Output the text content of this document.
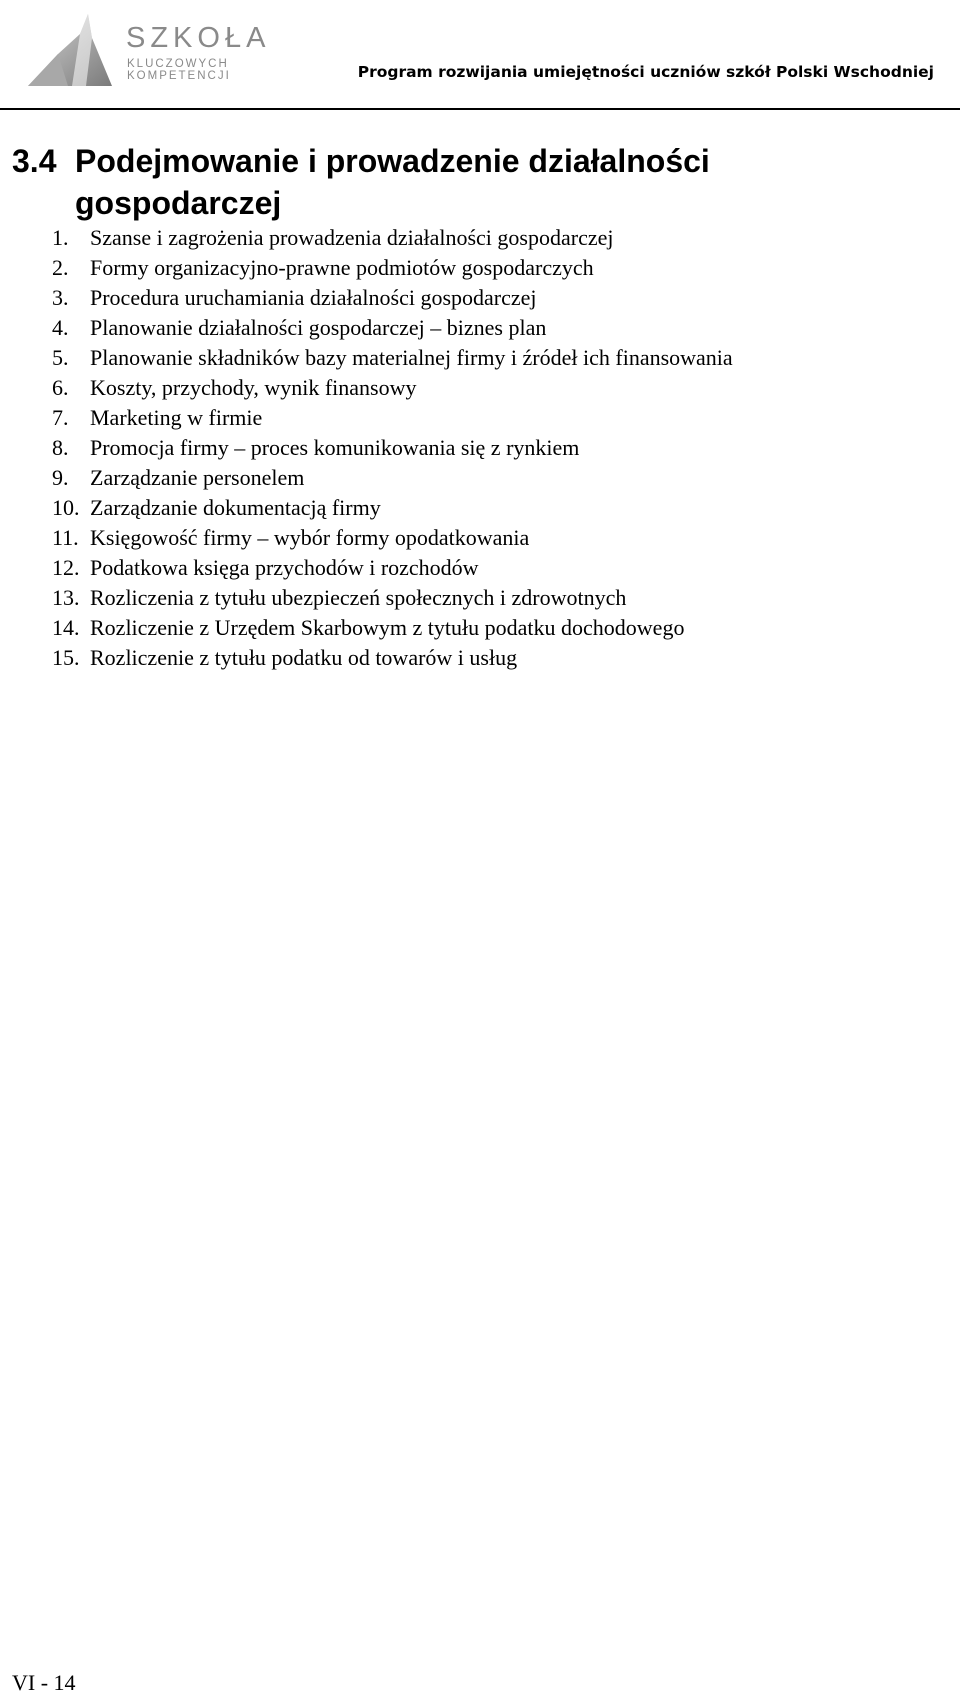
SZKOŁA
KLUCZOWYCH KOMPETENCJI	Program rozwijania umiejętności uczniów szkół Polski Wschodniej
3.4 Podejmowanie i prowadzenie działalności gospodarczej
1. Szanse i zagrożenia prowadzenia działalności gospodarczej
2. Formy organizacyjno-prawne podmiotów gospodarczych
3. Procedura uruchamiania działalności gospodarczej
4. Planowanie działalności gospodarczej – biznes plan
5. Planowanie składników bazy materialnej firmy i źródeł ich finansowania
6. Koszty, przychody, wynik finansowy
7. Marketing w firmie
8. Promocja firmy – proces komunikowania się z rynkiem
9. Zarządzanie personelem
10. Zarządzanie dokumentacją firmy
11. Księgowość firmy – wybór formy opodatkowania
12. Podatkowa księga przychodów i rozchodów
13. Rozliczenia z tytułu ubezpieczeń społecznych i zdrowotnych
14. Rozliczenie z Urzędem Skarbowym z tytułu podatku dochodowego
15. Rozliczenie z tytułu podatku od towarów i usług
VI - 14
